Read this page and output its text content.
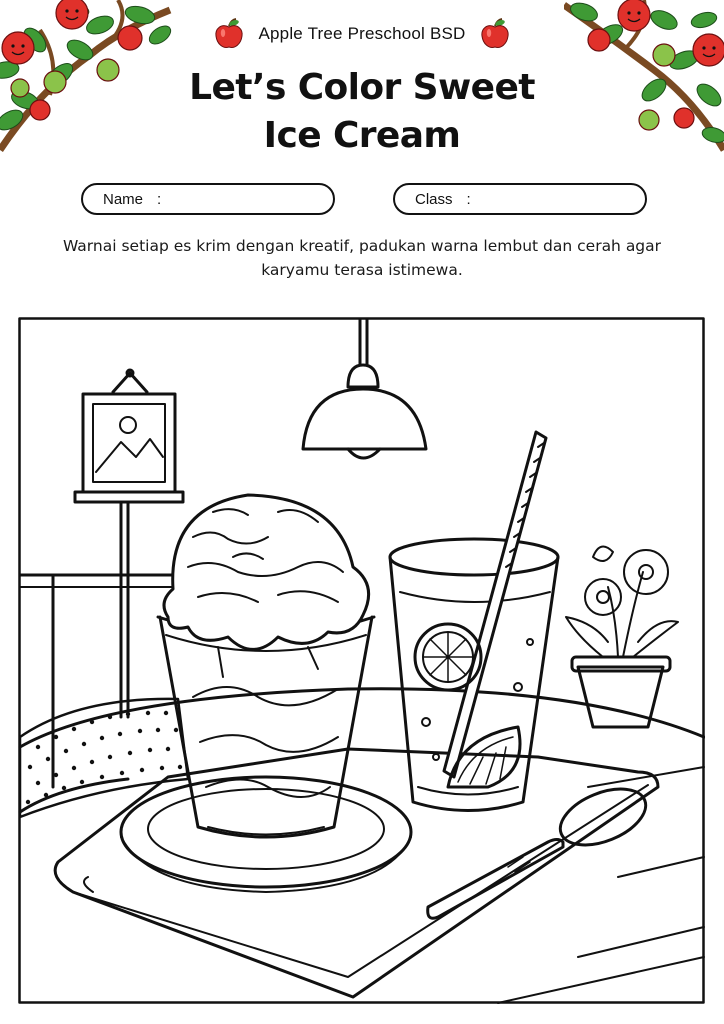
Apple Tree Preschool BSD
Let’s Color Sweet Ice Cream
Name :	Class :
Warnai setiap es krim dengan kreatif, padukan warna lembut dan cerah agar karyamu terasa istimewa.
